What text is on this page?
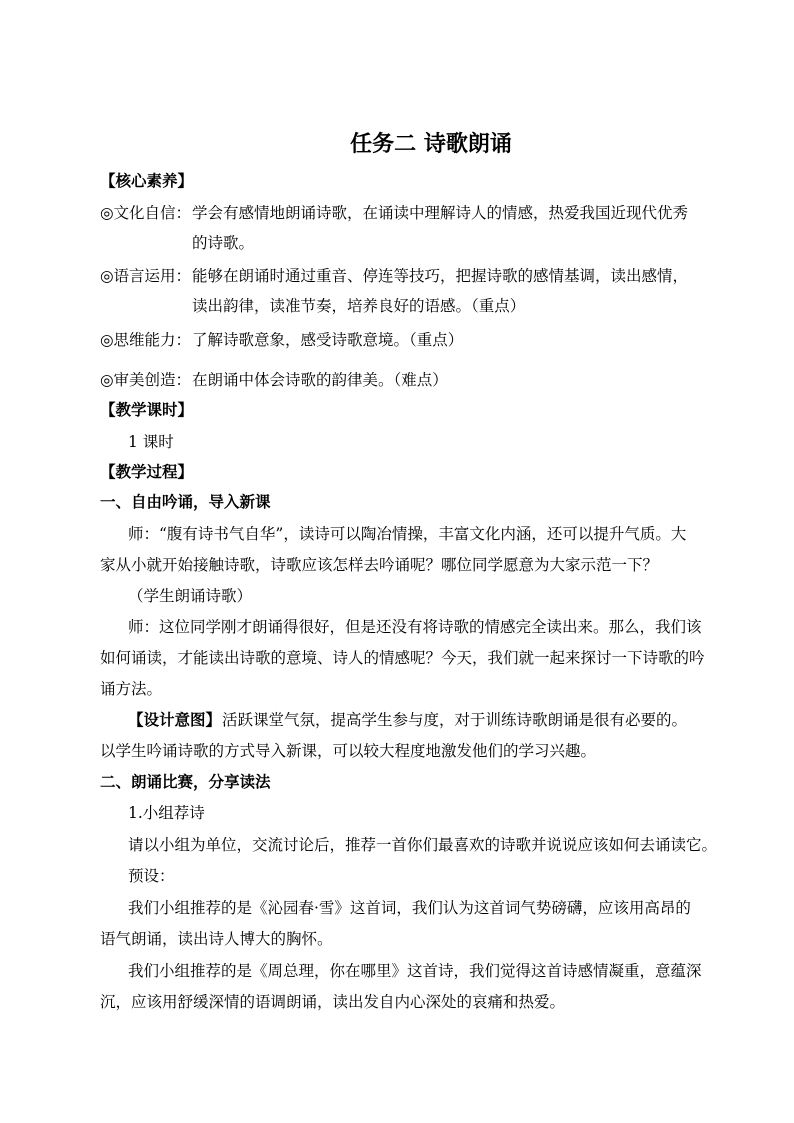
任务二 诗歌朗诵
【核心素养】
◎文化自信： 学会有感情地朗诵诗歌，在诵读中理解诗人的情感，热爱我国近现代优秀
的诗歌。
◎语言运用： 能够在朗诵时通过重音、停连等技巧，把握诗歌的感情基调，读出感情，
读出韵律，读准节奏，培养良好的语感。（重点）
◎思维能力： 了解诗歌意象，感受诗歌意境。（重点）
◎审美创造： 在朗诵中体会诗歌的韵律美。（难点）
【教学课时】
1 课时
【教学过程】
一、自由吟诵，导入新课
师：“腹有诗书气自华”，读诗可以陶冶情操，丰富文化内涵，还可以提升气质。大
家从小就开始接触诗歌，诗歌应该怎样去吟诵呢？哪位同学愿意为大家示范一下？
（学生朗诵诗歌）
师：这位同学刚才朗诵得很好，但是还没有将诗歌的情感完全读出来。那么，我们该
如何诵读，才能读出诗歌的意境、诗人的情感呢？今天，我们就一起来探讨一下诗歌的吟
诵方法。
【设计意图】 活跃课堂气氛，提高学生参与度，对于训练诗歌朗诵是很有必要的。
以学生吟诵诗歌的方式导入新课，可以较大程度地激发他们的学习兴趣。
二、朗诵比赛，分享读法
1.小组荐诗
请以小组为单位，交流讨论后，推荐一首你们最喜欢的诗歌并说说应该如何去诵读它。
预设：
我们小组推荐的是《沁园春·雪》这首词，我们认为这首词气势磅礴，应该用高昂的
语气朗诵，读出诗人博大的胸怀。
我们小组推荐的是《周总理，你在哪里》这首诗，我们觉得这首诗感情凝重，意蕴深
沉，应该用舒缓深情的语调朗诵，读出发自内心深处的哀痛和热爱。
